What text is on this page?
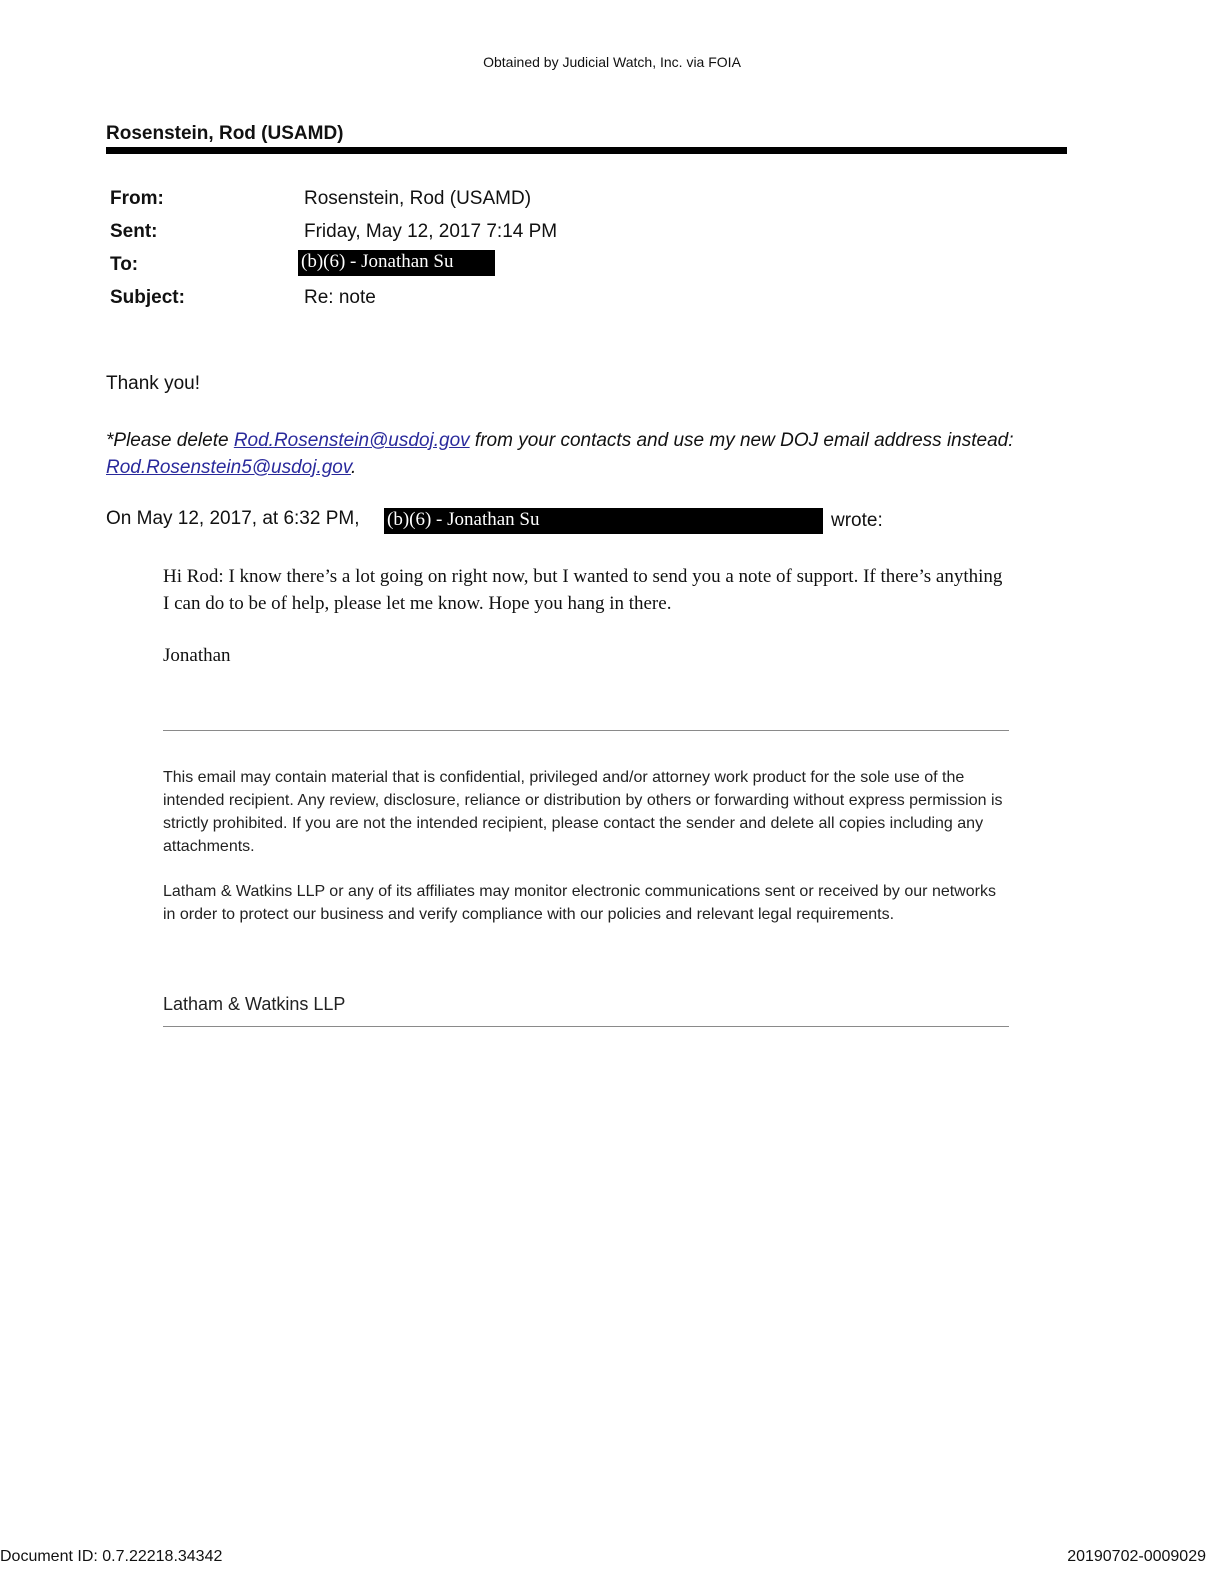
Obtained by Judicial Watch, Inc. via FOIA
Rosenstein, Rod (USAMD)
From:	Rosenstein, Rod (USAMD)
Sent:	Friday, May 12, 2017 7:14 PM
To:	(b)(6) - Jonathan Su
Subject:	Re: note
Thank you!
*Please delete Rod.Rosenstein@usdoj.gov from your contacts and use my new DOJ email address instead: Rod.Rosenstein5@usdoj.gov.
On May 12, 2017, at 6:32 PM, (b)(6) - Jonathan Su	wrote:
Hi Rod: I know there’s a lot going on right now, but I wanted to send you a note of support. If there’s anything I can do to be of help, please let me know. Hope you hang in there.
Jonathan
This email may contain material that is confidential, privileged and/or attorney work product for the sole use of the intended recipient. Any review, disclosure, reliance or distribution by others or forwarding without express permission is strictly prohibited. If you are not the intended recipient, please contact the sender and delete all copies including any attachments.
Latham & Watkins LLP or any of its affiliates may monitor electronic communications sent or received by our networks in order to protect our business and verify compliance with our policies and relevant legal requirements.
Latham & Watkins LLP
Document ID: 0.7.22218.34342	20190702-0009029
